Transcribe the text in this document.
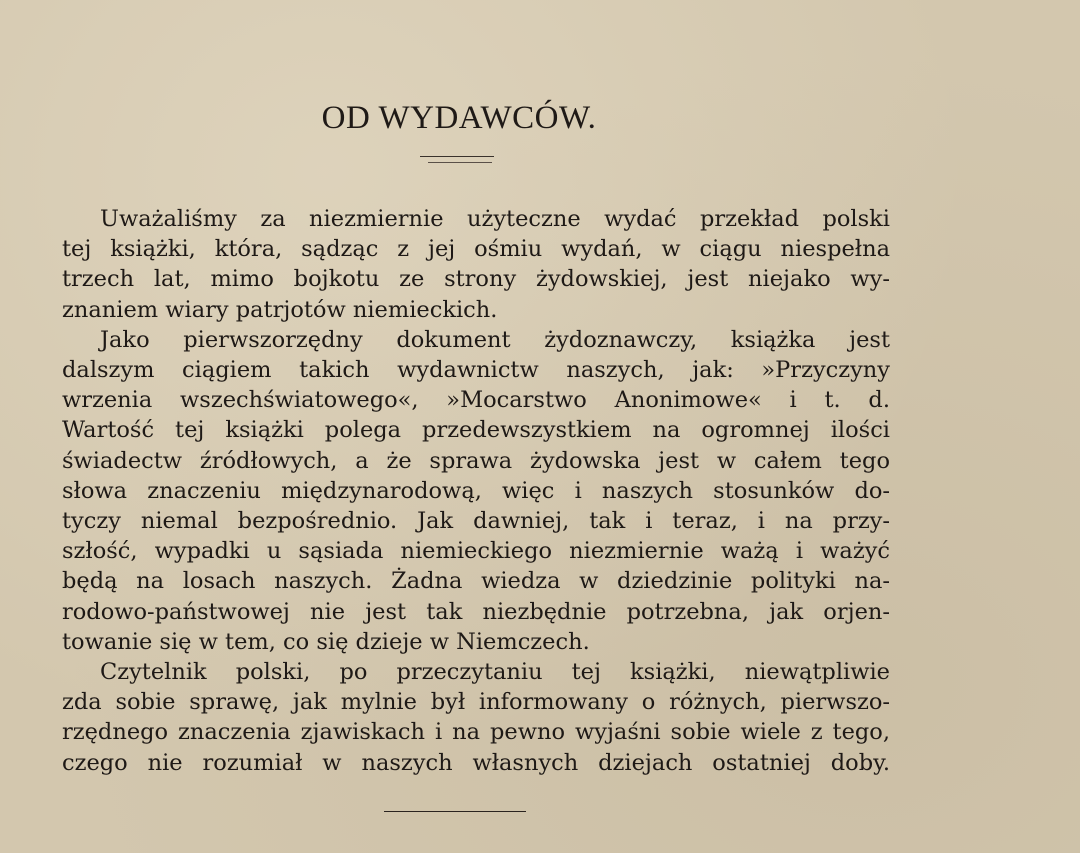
OD WYDAWCÓW.
Uważaliśmy za niezmiernie użyteczne wydać przekład polski
tej książki, która, sądząc z jej ośmiu wydań, w ciągu niespełna
trzech lat, mimo bojkotu ze strony żydowskiej, jest niejako wy-
znaniem wiary patrjotów niemieckich.
Jako pierwszorzędny dokument żydoznawczy, książka jest
dalszym ciągiem takich wydawnictw naszych, jak: »Przyczyny
wrzenia wszechświatowego«, »Mocarstwo Anonimowe« i t. d.
Wartość tej książki polega przedewszystkiem na ogromnej ilości
świadectw źródłowych, a że sprawa żydowska jest w całem tego
słowa znaczeniu międzynarodową, więc i naszych stosunków do-
tyczy niemal bezpośrednio. Jak dawniej, tak i teraz, i na przy-
szłość, wypadki u sąsiada niemieckiego niezmiernie ważą i ważyć
będą na losach naszych. Żadna wiedza w dziedzinie polityki na-
rodowo-państwowej nie jest tak niezbędnie potrzebna, jak orjen-
towanie się w tem, co się dzieje w Niemczech.
Czytelnik polski, po przeczytaniu tej książki, niewątpliwie
zda sobie sprawę, jak mylnie był informowany o różnych, pierwszo-
rzędnego znaczenia zjawiskach i na pewno wyjaśni sobie wiele z tego,
czego nie rozumiał w naszych własnych dziejach ostatniej doby.
